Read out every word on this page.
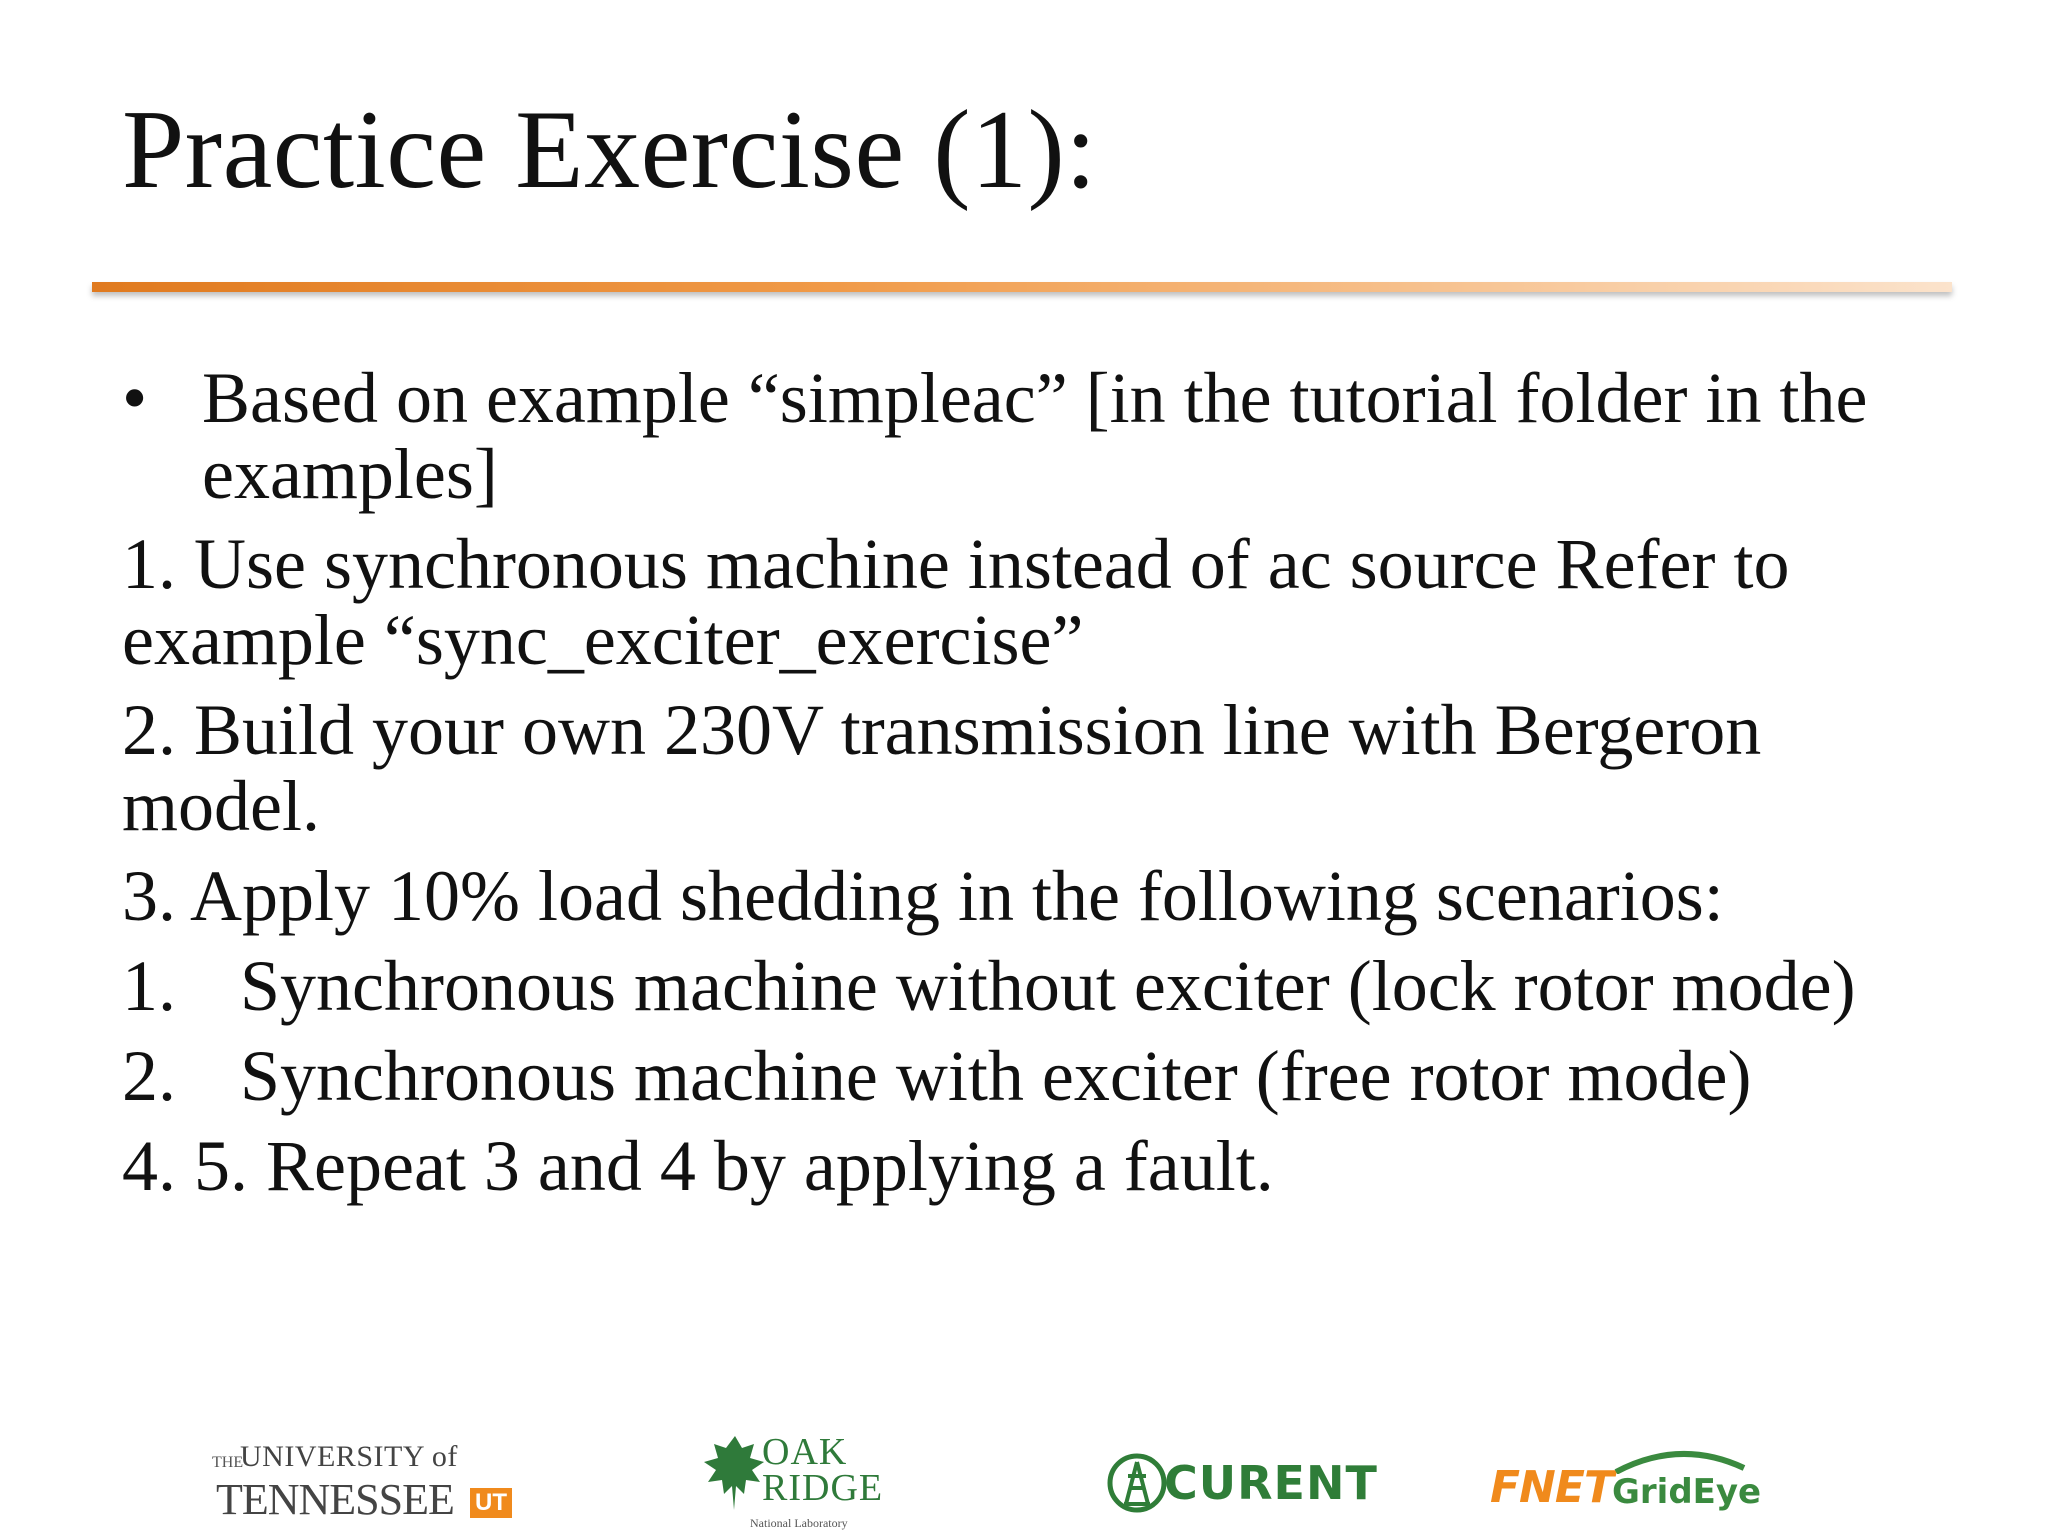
Practice Exercise (1):
• Based on example “simpleac” [in the tutorial folder in the examples]
1. Use synchronous machine instead of ac source Refer to example “sync_exciter_exercise”
2. Build your own 230V transmission line with Bergeron model.
3. Apply 10% load shedding in the following scenarios:
1. Synchronous machine without exciter (lock rotor mode)
2. Synchronous machine with exciter (free rotor mode)
4. 5. Repeat 3 and 4 by applying a fault.
THE
UNIVERSITY of
TENNESSEE UT
OAK
RIDGE
National Laboratory
CURENT	FNET GridEye
